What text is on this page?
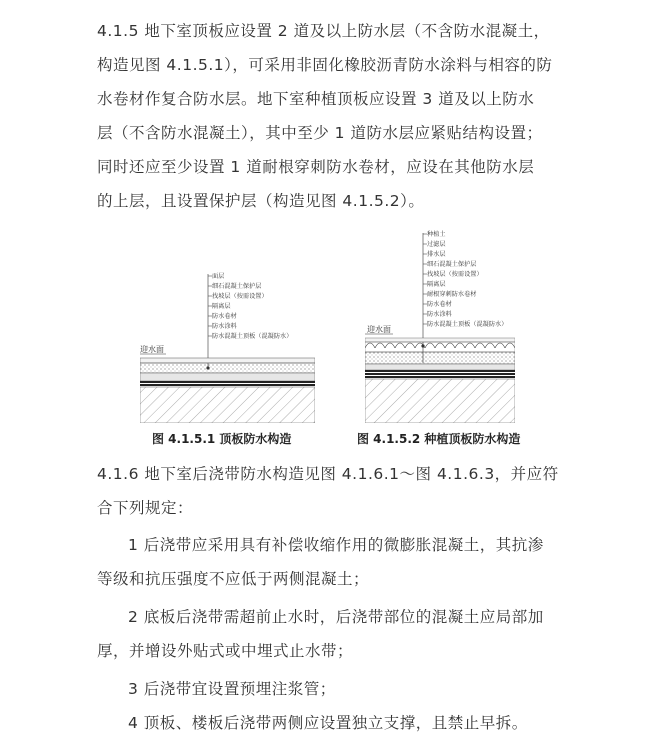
4.1.5 地下室顶板应设置 2 道及以上防水层（不含防水混凝土，

构造见图 4.1.5.1），可采用非固化橡胶沥青防水涂料与相容的防

水卷材作复合防水层。地下室种植顶板应设置 3 道及以上防水

层（不含防水混凝土），其中至少 1 道防水层应紧贴结构设置；

同时还应至少设置 1 道耐根穿刺防水卷材，应设在其他防水层

的上层，且设置保护层（构造见图 4.1.5.2）。

面层
细石混凝土保护层
找坡层（按需设置）
隔离层
防水卷材
防水涂料
防水混凝土顶板（混凝防水）
迎水面
图 4.1.5.1 顶板防水构造
种植土
过滤层
排水层
细石混凝土保护层
找坡层（按需设置）
隔离层
耐根穿刺防水卷材
防水卷材
防水涂料
防水混凝土顶板（混凝防水）
迎水面
图 4.1.5.2 种植顶板防水构造

4.1.6 地下室后浇带防水构造见图 4.1.6.1～图 4.1.6.3，并应符

合下列规定：

1 后浇带应采用具有补偿收缩作用的微膨胀混凝土，其抗渗

等级和抗压强度不应低于两侧混凝土；

2 底板后浇带需超前止水时，后浇带部位的混凝土应局部加

厚，并增设外贴式或中埋式止水带；

3 后浇带宜设置预埋注浆管；

4 顶板、楼板后浇带两侧应设置独立支撑，且禁止早拆。
